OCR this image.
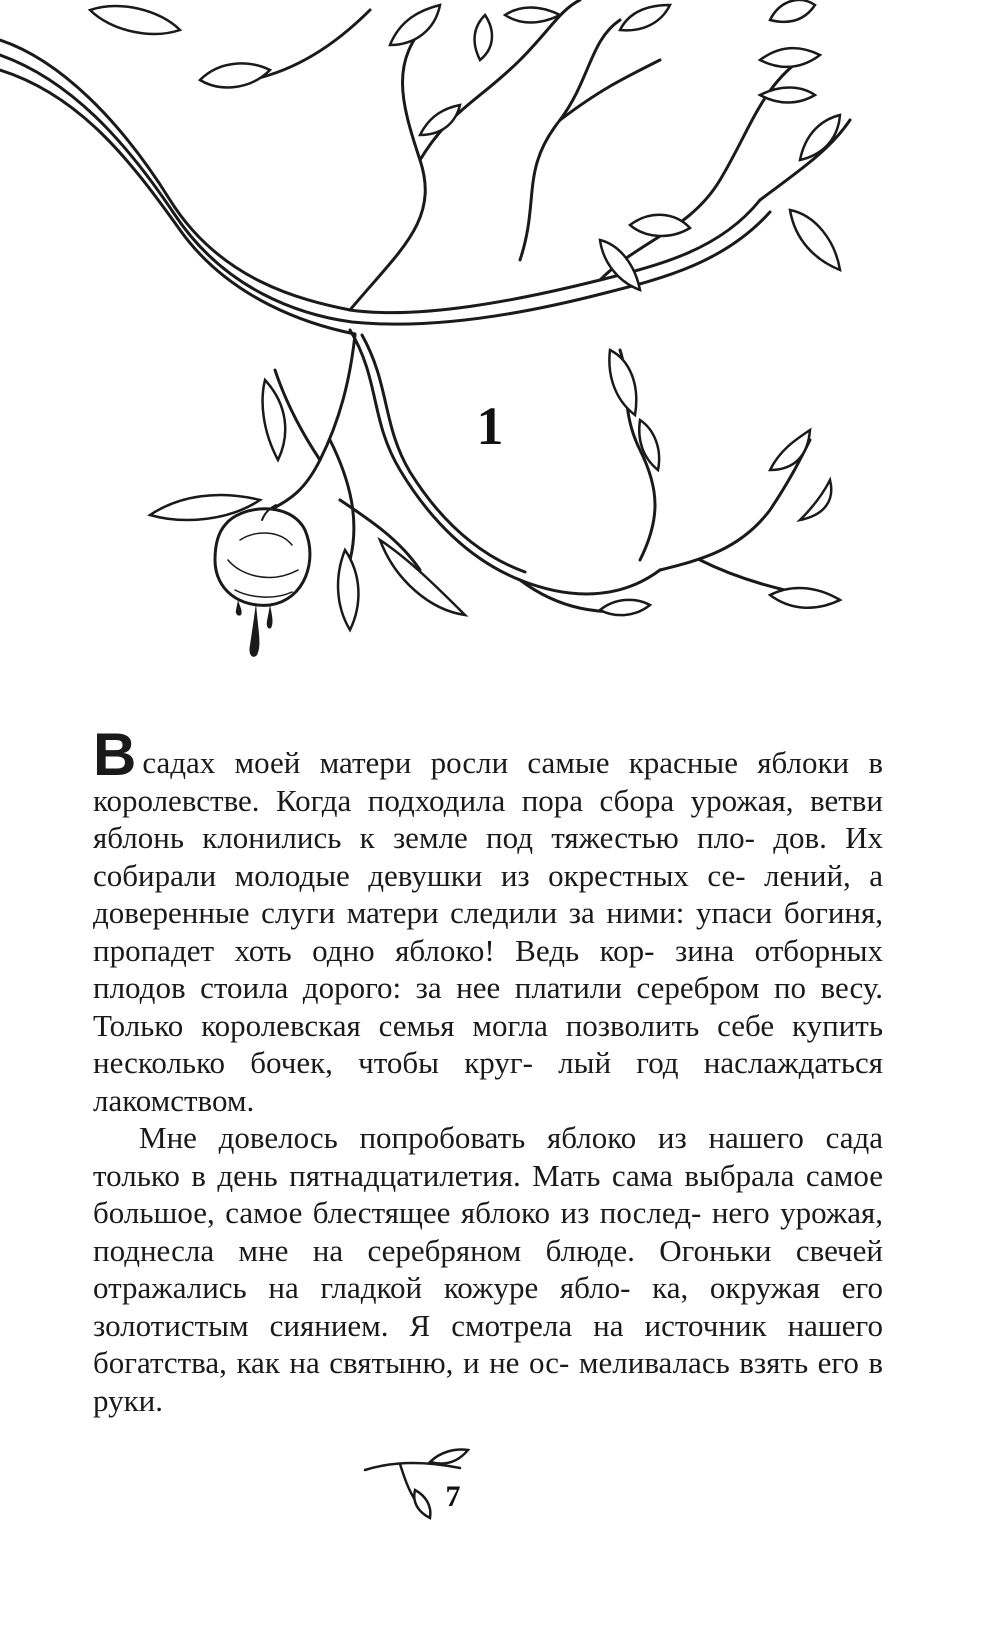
1

Всадах моей матери росли самые красные яблоки в королевстве. Когда подходила пора сбора урожая, ветви яблонь клонились к земле под тяжестью пло- дов. Их собирали молодые девушки из окрестных се- лений, а доверенные слуги матери следили за ними: упаси богиня, пропадет хоть одно яблоко! Ведь кор- зина отборных плодов стоила дорого: за нее платили серебром по весу. Только королевская семья могла позволить себе купить несколько бочек, чтобы круг- лый год наслаждаться лакомством.

Мне довелось попробовать яблоко из нашего сада только в день пятнадцатилетия. Мать сама выбрала самое большое, самое блестящее яблоко из послед- него урожая, поднесла мне на серебряном блюде. Огоньки свечей отражались на гладкой кожуре ябло- ка, окружая его золотистым сиянием. Я смотрела на источник нашего богатства, как на святыню, и не ос- меливалась взять его в руки.

7
